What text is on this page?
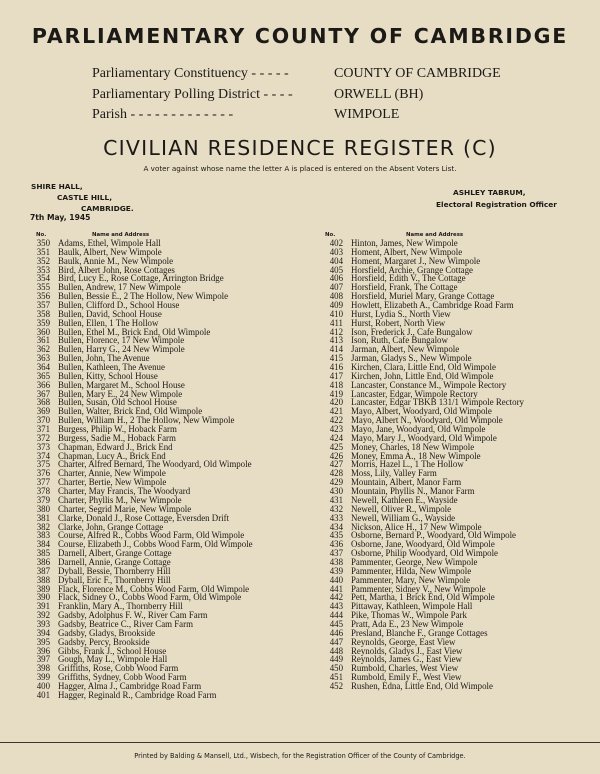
PARLIAMENTARY COUNTY OF CAMBRIDGE
Parliamentary Constituency - - - - -	COUNTY OF CAMBRIDGE
Parliamentary Polling District - - - -	ORWELL (BH)
Parish - - - - - - - - - - - - -	WIMPOLE
CIVILIAN RESIDENCE REGISTER (C)
A voter against whose name the letter A is placed is entered on the Absent Voters List.
SHIRE HALL,
CASTLE HILL,
CAMBRIDGE.
ASHLEY TABRUM,
Electoral Registration Officer
7th May, 1945
No.	Name and Address	No.	Name and Address
350 Adams, Ethel, Wimpole Hall
351 Baulk, Albert, New Wimpole
352 Baulk, Annie M., New Wimpole
353 Bird, Albert John, Rose Cottages
354 Bird, Lucy E., Rose Cottage, Arrington Bridge
355 Bullen, Andrew, 17 New Wimpole
356 Bullen, Bessie E., 2 The Hollow, New Wimpole
357 Bullen, Clifford D., School House
358 Bullen, David, School House
359 Bullen, Ellen, 1 The Hollow
360 Bullen, Ethel M., Brick End, Old Wimpole
361 Bullen, Florence, 17 New Wimpole
362 Bullen, Harry G., 24 New Wimpole
363 Bullen, John, The Avenue
364 Bullen, Kathleen, The Avenue
365 Bullen, Kitty, School House
366 Bullen, Margaret M., School House
367 Bullen, Mary E., 24 New Wimpole
368 Bullen, Susan, Old School House
369 Bullen, Walter, Brick End, Old Wimpole
370 Bullen, William H., 2 The Hollow, New Wimpole
371 Burgess, Philip W., Hoback Farm
372 Burgess, Sadie M., Hoback Farm
373 Chapman, Edward J., Brick End
374 Chapman, Lucy A., Brick End
375 Charter, Alfred Bernard, The Woodyard, Old Wimpole
376 Charter, Annie, New Wimpole
377 Charter, Bertie, New Wimpole
378 Charter, May Francis, The Woodyard
379 Charter, Phyllis M., New Wimpole
380 Charter, Segrid Marie, New Wimpole
381 Clarke, Donald J., Rose Cottage, Eversden Drift
382 Clarke, John, Grange Cottage
383 Course, Alfred R., Cobbs Wood Farm, Old Wimpole
384 Course, Elizabeth J., Cobbs Wood Farm, Old Wimpole
385 Darnell, Albert, Grange Cottage
386 Darnell, Annie, Grange Cottage
387 Dyball, Bessie, Thornberry Hill
388 Dyball, Eric F., Thornberry Hill
389 Flack, Florence M., Cobbs Wood Farm, Old Wimpole
390 Flack, Sidney O., Cobbs Wood Farm, Old Wimpole
391 Franklin, Mary A., Thornberry Hill
392 Gadsby, Adolphus F. W., River Cam Farm
393 Gadsby, Beatrice C., River Cam Farm
394 Gadsby, Gladys, Brookside
395 Gadsby, Percy, Brookside
396 Gibbs, Frank J., School House
397 Gough, May L., Wimpole Hall
398 Griffiths, Rose, Cobb Wood Farm
399 Griffiths, Sydney, Cobb Wood Farm
400 Hagger, Alma J., Cambridge Road Farm
401 Hagger, Reginald R., Cambridge Road Farm
402 Hinton, James, New Wimpole
403 Homent, Albert, New Wimpole
404 Homent, Margaret J., New Wimpole
405 Horsfield, Archie, Grange Cottage
406 Horsfield, Edith V., The Cottage
407 Horsfield, Frank, The Cottage
408 Horsfield, Muriel Mary, Grange Cottage
409 Howlett, Elizabeth A., Cambridge Road Farm
410 Hurst, Lydia S., North View
411 Hurst, Robert, North View
412 Ison, Frederick J., Cafe Bungalow
413 Ison, Ruth, Cafe Bungalow
414 Jarman, Albert, New Wimpole
415 Jarman, Gladys S., New Wimpole
416 Kirchen, Clara, Little End, Old Wimpole
417 Kirchen, John, Little End, Old Wimpole
418 Lancaster, Constance M., Wimpole Rectory
419 Lancaster, Edgar, Wimpole Rectory
420 Lancaster, Edgar TBKB 131/1 Wimpole Rectory
421 Mayo, Albert, Woodyard, Old Wimpole
422 Mayo, Albert N., Woodyard, Old Wimpole
423 Mayo, Jane, Woodyard, Old Wimpole
424 Mayo, Mary J., Woodyard, Old Wimpole
425 Money, Charles, 18 New Wimpole
426 Money, Emma A., 18 New Wimpole
427 Morris, Hazel L., 1 The Hollow
428 Moss, Lily, Valley Farm
429 Mountain, Albert, Manor Farm
430 Mountain, Phyllis N., Manor Farm
431 Newell, Kathleen E., Wayside
432 Newell, Oliver R., Wimpole
433 Newell, William G., Wayside
434 Nickson, Alice H., 17 New Wimpole
435 Osborne, Bernard P., Woodyard, Old Wimpole
436 Osborne, Jane, Woodyard, Old Wimpole
437 Osborne, Philip Woodyard, Old Wimpole
438 Pammenter, George, New Wimpole
439 Pammenter, Hilda, New Wimpole
440 Pammenter, Mary, New Wimpole
441 Pammenter, Sidney V., New Wimpole
442 Pett, Martha, 1 Brick End, Old Wimpole
443 Pittaway, Kathleen, Wimpole Hall
444 Pike, Thomas W., Wimpole Park
445 Pratt, Ada E., 23 New Wimpole
446 Presland, Blanche F., Grange Cottages
447 Reynolds, George, East View
448 Reynolds, Gladys J., East View
449 Reynolds, James G., East View
450 Rumbold, Charles, West View
451 Rumbold, Emily F., West View
452 Rushen, Edna, Little End, Old Wimpole
Printed by Balding & Mansell, Ltd., Wisbech, for the Registration Officer of the County of Cambridge.
